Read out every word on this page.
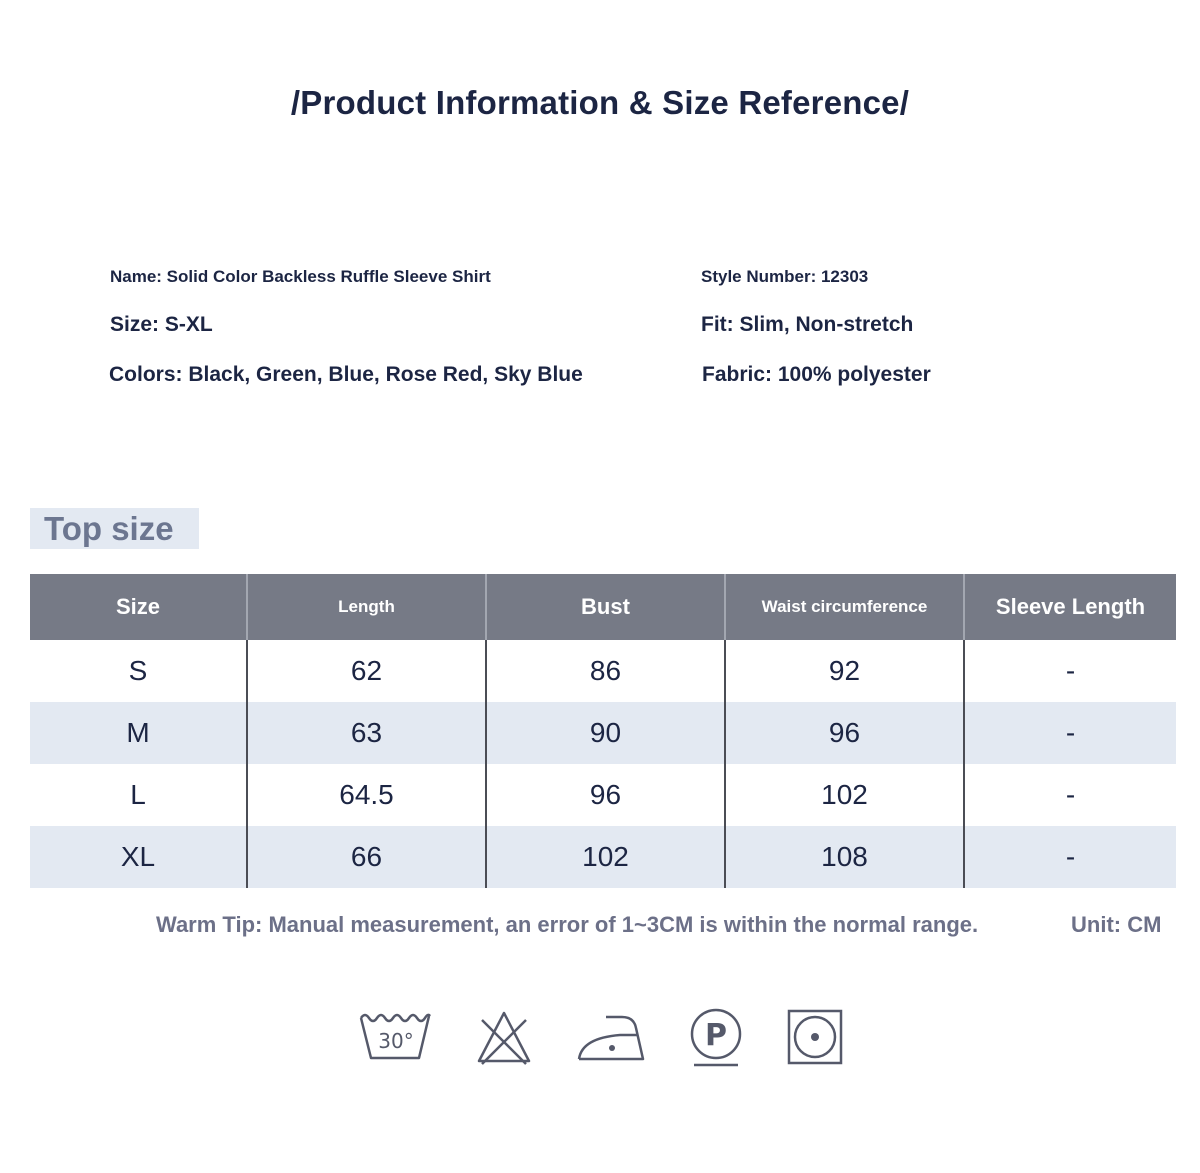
/Product Information & Size Reference/
Name: Solid Color Backless Ruffle Sleeve Shirt	Style Number: 12303
Size: S-XL	Fit: Slim, Non-stretch
Colors: Black, Green, Blue, Rose Red, Sky Blue	Fabric: 100% polyester
Top size
Size	Length	Bust	Waist circumference	Sleeve Length
S	62	86	92	-
M	63	90	96	-
L	64.5	96	102	-
XL	66	102	108	-
Warm Tip: Manual measurement, an error of 1~3CM is within the normal range.	Unit: CM
30°	P
